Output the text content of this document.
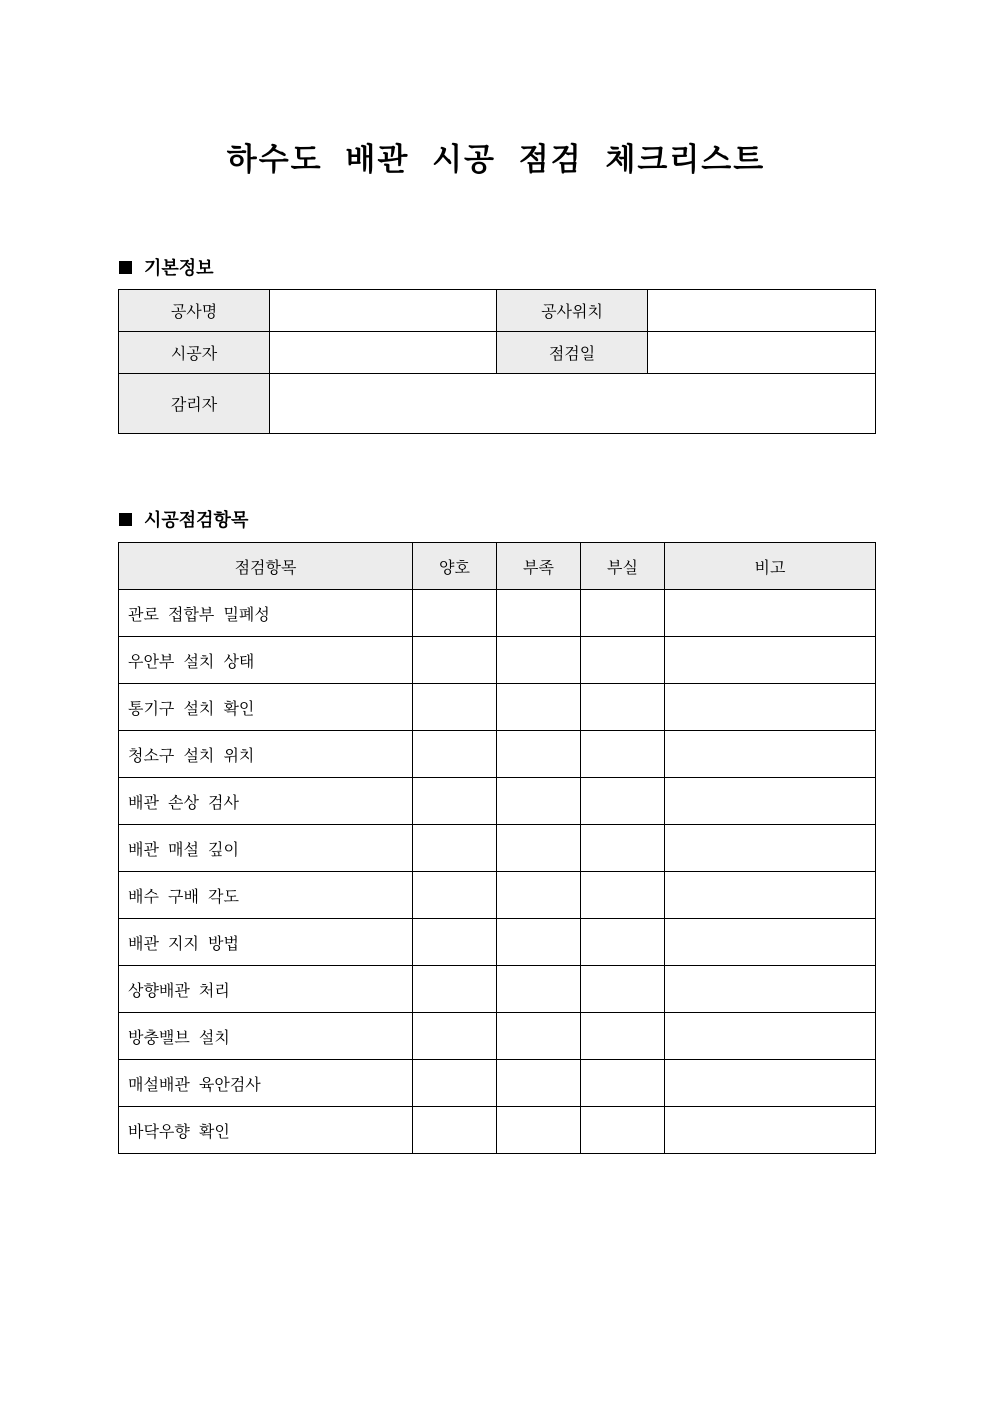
하수도 배관 시공 점검 체크리스트
기본정보
공사명		공사위치	
시공자		점검일	
감리자			
시공점검항목
점검항목	양호	부족	부실	비고
관로 접합부 밀폐성				
우안부 설치 상태				
통기구 설치 확인				
청소구 설치 위치				
배관 손상 검사				
배관 매설 깊이				
배수 구배 각도				
배관 지지 방법				
상향배관 처리				
방충밸브 설치				
매설배관 육안검사				
바닥우향 확인				
